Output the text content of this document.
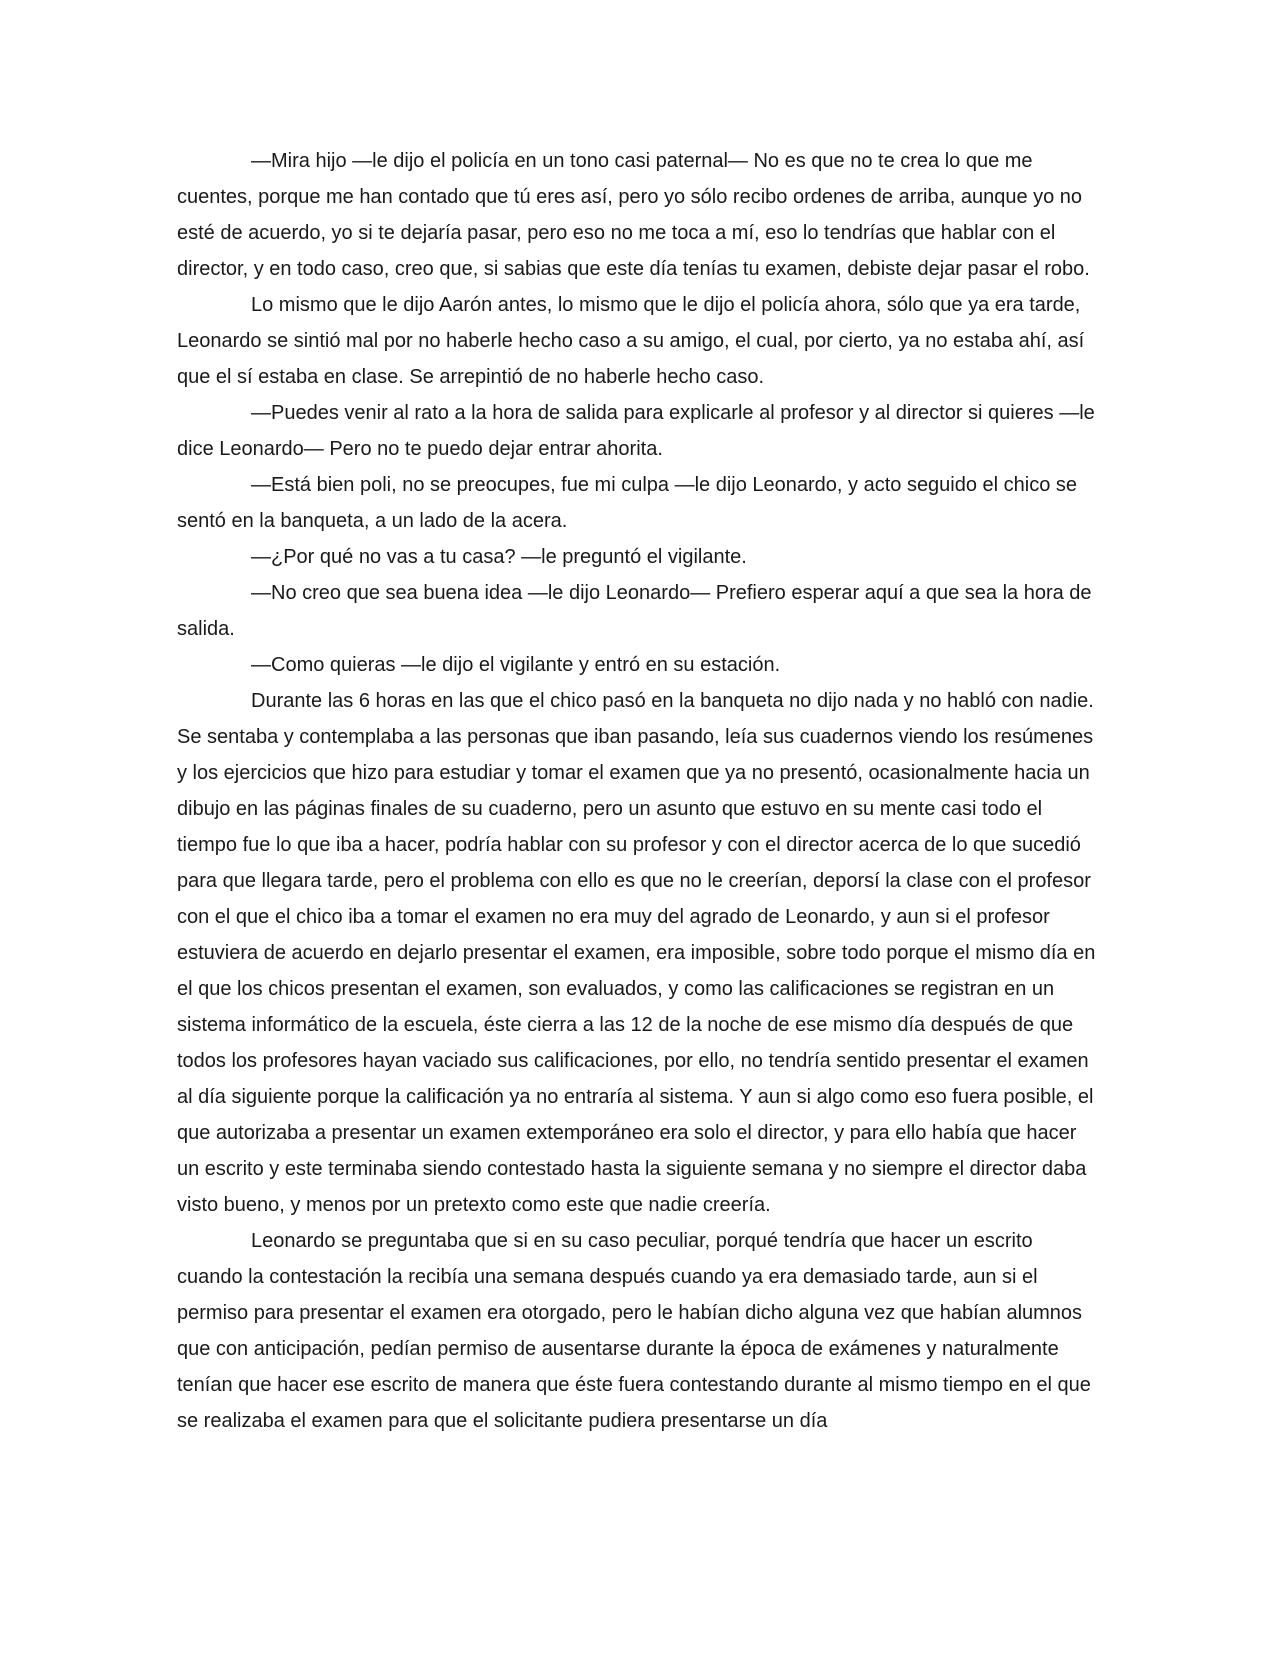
—Mira hijo —le dijo el policía en un tono casi paternal— No es que no te crea lo que me cuentes, porque me han contado que tú eres así, pero yo sólo recibo ordenes de arriba, aunque yo no esté de acuerdo, yo si te dejaría pasar, pero eso no me toca a mí, eso lo tendrías que hablar con el director, y en todo caso, creo que, si sabias que este día tenías tu examen, debiste dejar pasar el robo.

Lo mismo que le dijo Aarón antes, lo mismo que le dijo el policía ahora, sólo que ya era tarde, Leonardo se sintió mal por no haberle hecho caso a su amigo, el cual, por cierto, ya no estaba ahí, así que el sí estaba en clase. Se arrepintió de no haberle hecho caso.

—Puedes venir al rato a la hora de salida para explicarle al profesor y al director si quieres —le dice Leonardo— Pero no te puedo dejar entrar ahorita.

—Está bien poli, no se preocupes, fue mi culpa —le dijo Leonardo, y acto seguido el chico se sentó en la banqueta, a un lado de la acera.

—¿Por qué no vas a tu casa? —le preguntó el vigilante.

—No creo que sea buena idea —le dijo Leonardo— Prefiero esperar aquí a que sea la hora de salida.

—Como quieras —le dijo el vigilante y entró en su estación.

Durante las 6 horas en las que el chico pasó en la banqueta no dijo nada y no habló con nadie. Se sentaba y contemplaba a las personas que iban pasando, leía sus cuadernos viendo los resúmenes y los ejercicios que hizo para estudiar y tomar el examen que ya no presentó, ocasionalmente hacia un dibujo en las páginas finales de su cuaderno, pero un asunto que estuvo en su mente casi todo el tiempo fue lo que iba a hacer, podría hablar con su profesor y con el director acerca de lo que sucedió para que llegara tarde, pero el problema con ello es que no le creerían, deporsí la clase con el profesor con el que el chico iba a tomar el examen no era muy del agrado de Leonardo, y aun si el profesor estuviera de acuerdo en dejarlo presentar el examen, era imposible, sobre todo porque el mismo día en el que los chicos presentan el examen, son evaluados, y como las calificaciones se registran en un sistema informático de la escuela, éste cierra a las 12 de la noche de ese mismo día después de que todos los profesores hayan vaciado sus calificaciones, por ello, no tendría sentido presentar el examen al día siguiente porque la calificación ya no entraría al sistema. Y aun si algo como eso fuera posible, el que autorizaba a presentar un examen extemporáneo era solo el director, y para ello había que hacer un escrito y este terminaba siendo contestado hasta la siguiente semana y no siempre el director daba visto bueno, y menos por un pretexto como este que nadie creería.

Leonardo se preguntaba que si en su caso peculiar, porqué tendría que hacer un escrito cuando la contestación la recibía una semana después cuando ya era demasiado tarde, aun si el permiso para presentar el examen era otorgado, pero le habían dicho alguna vez que habían alumnos que con anticipación, pedían permiso de ausentarse durante la época de exámenes y naturalmente tenían que hacer ese escrito de manera que éste fuera contestando durante al mismo tiempo en el que se realizaba el examen para que el solicitante pudiera presentarse un día
